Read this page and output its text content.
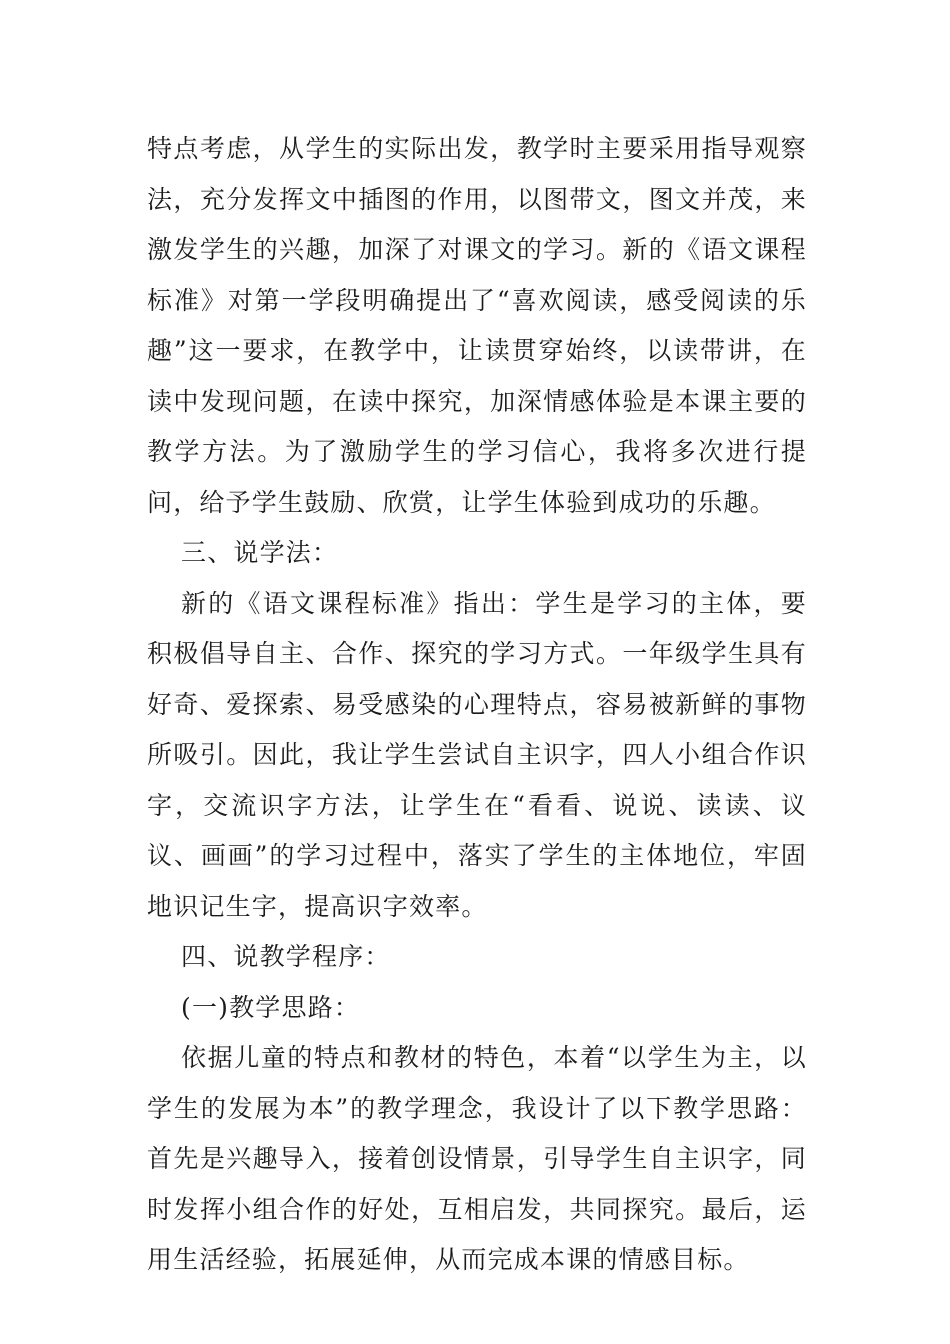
特点考虑，从学生的实际出发，教学时主要采用指导观察法，充分发挥文中插图的作用，以图带文，图文并茂，来激发学生的兴趣，加深了对课文的学习。新的《语文课程标准》对第一学段明确提出了“喜欢阅读，感受阅读的乐趣”这一要求，在教学中，让读贯穿始终，以读带讲，在读中发现问题，在读中探究，加深情感体验是本课主要的教学方法。为了激励学生的学习信心，我将多次进行提问，给予学生鼓励、欣赏，让学生体验到成功的乐趣。

三、说学法：

新的《语文课程标准》指出：学生是学习的主体，要积极倡导自主、合作、探究的学习方式。一年级学生具有好奇、爱探索、易受感染的心理特点，容易被新鲜的事物所吸引。因此，我让学生尝试自主识字，四人小组合作识字，交流识字方法，让学生在“看看、说说、读读、议议、画画”的学习过程中，落实了学生的主体地位，牢固地识记生字，提高识字效率。

四、说教学程序：

(一)教学思路：

依据儿童的特点和教材的特色，本着“以学生为主，以学生的发展为本”的教学理念，我设计了以下教学思路：首先是兴趣导入，接着创设情景，引导学生自主识字，同时发挥小组合作的好处，互相启发，共同探究。最后，运用生活经验，拓展延伸，从而完成本课的情感目标。
